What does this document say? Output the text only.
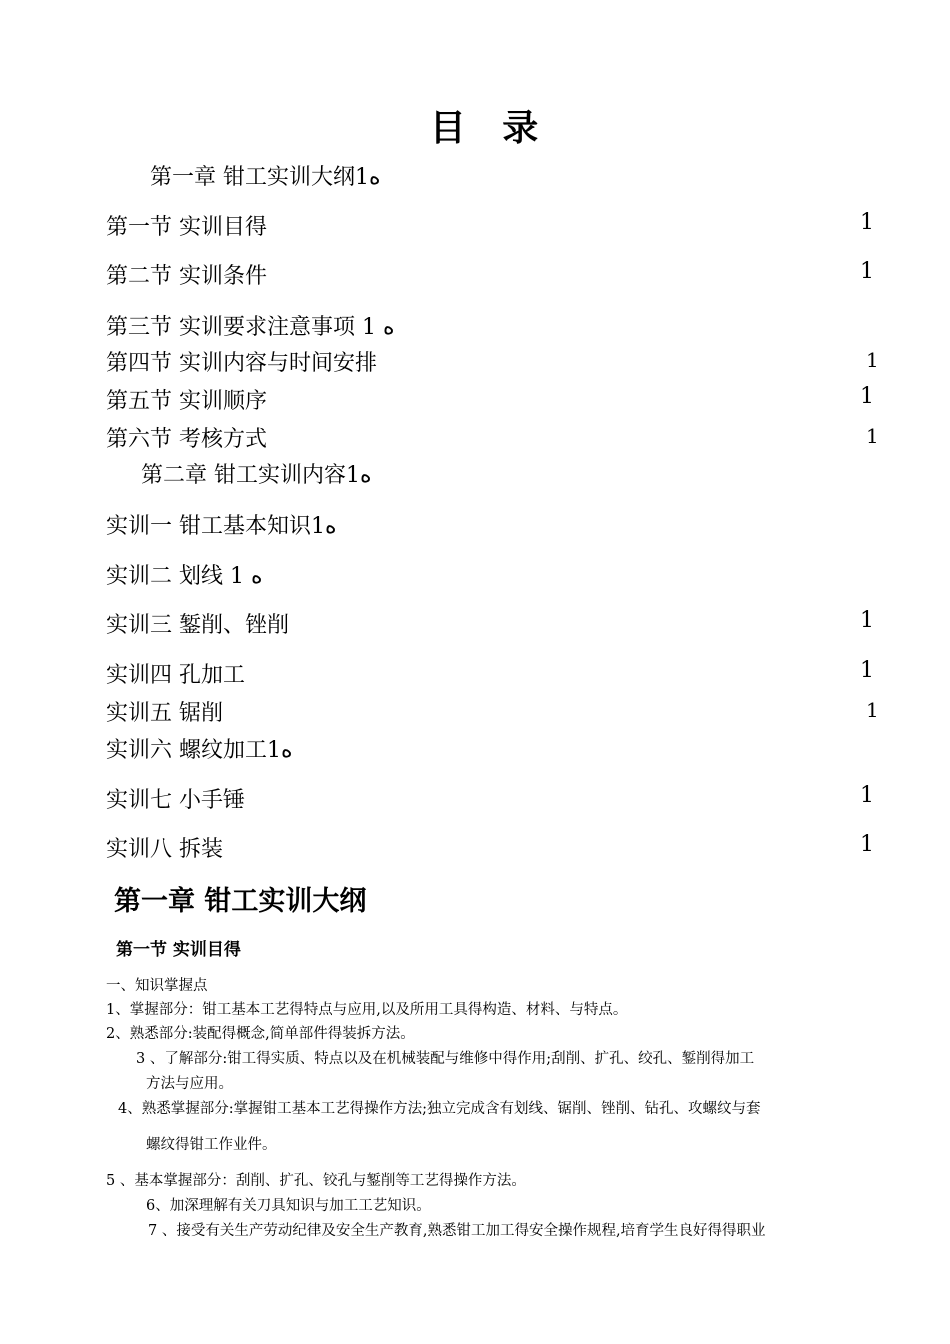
目 录
第一章 钳工实训大纲1ﻩ
第一节 实训目得	1
第二节 实训条件	1
第三节 实训要求注意事项 1 ﻩ
第四节 实训内容与时间安排	1
第五节 实训顺序	1
第六节 考核方式	1
第二章 钳工实训内容1ﻩ
实训一 钳工基本知识1ﻩ
实训二 划线 1 ﻩ
实训三 錾削、锉削	1
实训四 孔加工	1
实训五 锯削	1
实训六 螺纹加工1ﻩ
实训七 小手锤	1
实训八 拆装	1
第一章 钳工实训大纲
第一节 实训目得
一、知识掌握点
1、掌握部分：钳工基本工艺得特点与应用,以及所用工具得构造、材料、与特点。
2、熟悉部分:装配得概念,简单部件得装拆方法。
3 、了解部分:钳工得实质、特点以及在机械装配与维修中得作用;刮削、扩孔、绞孔、錾削得加工
方法与应用。
4、熟悉掌握部分:掌握钳工基本工艺得操作方法;独立完成含有划线、锯削、锉削、钻孔、攻螺纹与套
螺纹得钳工作业件。
5 、基本掌握部分：刮削、扩孔、铰孔与錾削等工艺得操作方法。
6、加深理解有关刀具知识与加工工艺知识。
7 、接受有关生产劳动纪律及安全生产教育,熟悉钳工加工得安全操作规程,培育学生良好得得职业
